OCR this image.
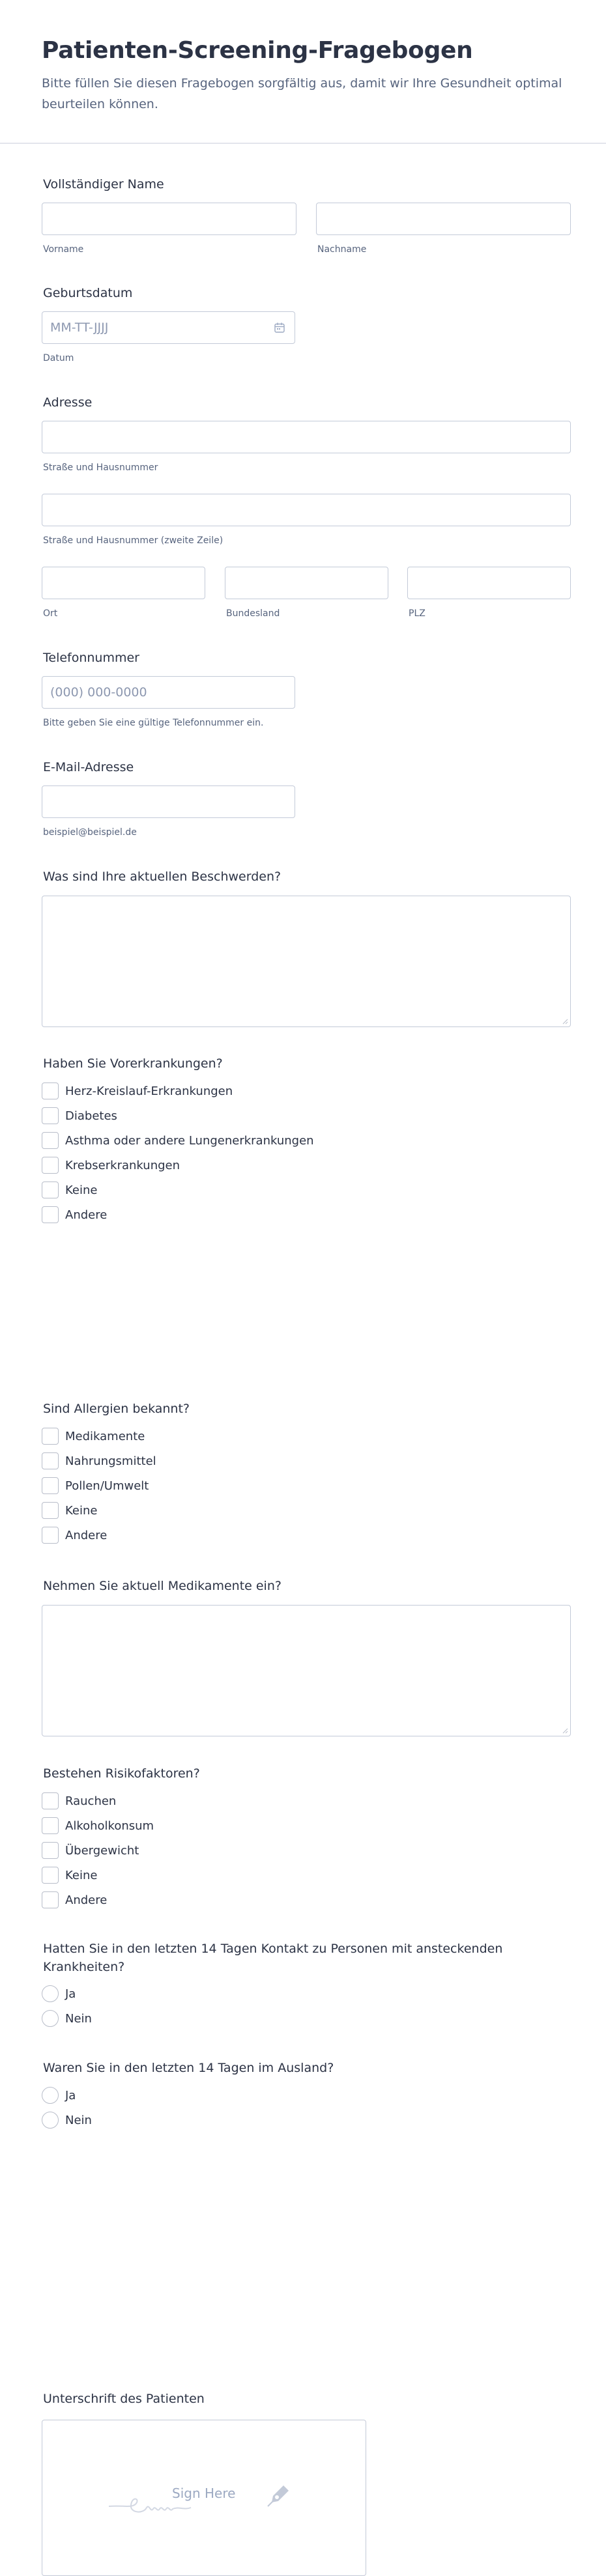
Patienten-Screening-Fragebogen

Bitte füllen Sie diesen Fragebogen sorgfältig aus, damit wir Ihre Gesundheit optimal beurteilen können.

Vollständiger Name
Vorname	Nachname
Geburtsdatum
MM-TT-JJJJ
Datum
Adresse
Straße und Hausnummer
Straße und Hausnummer (zweite Zeile)
Ort	Bundesland	PLZ
Telefonnummer
(000) 000-0000
Bitte geben Sie eine gültige Telefonnummer ein.
E-Mail-Adresse
beispiel@beispiel.de
Was sind Ihre aktuellen Beschwerden?
Haben Sie Vorerkrankungen?
Herz-Kreislauf-Erkrankungen
Diabetes
Asthma oder andere Lungenerkrankungen
Krebserkrankungen
Keine
Andere
Sind Allergien bekannt?
Medikamente
Nahrungsmittel
Pollen/Umwelt
Keine
Andere
Nehmen Sie aktuell Medikamente ein?
Bestehen Risikofaktoren?
Rauchen
Alkoholkonsum
Übergewicht
Keine
Andere
Hatten Sie in den letzten 14 Tagen Kontakt zu Personen mit ansteckenden
Krankheiten?
Ja
Nein
Waren Sie in den letzten 14 Tagen im Ausland?
Ja
Nein
Unterschrift des Patienten
Sign Here
